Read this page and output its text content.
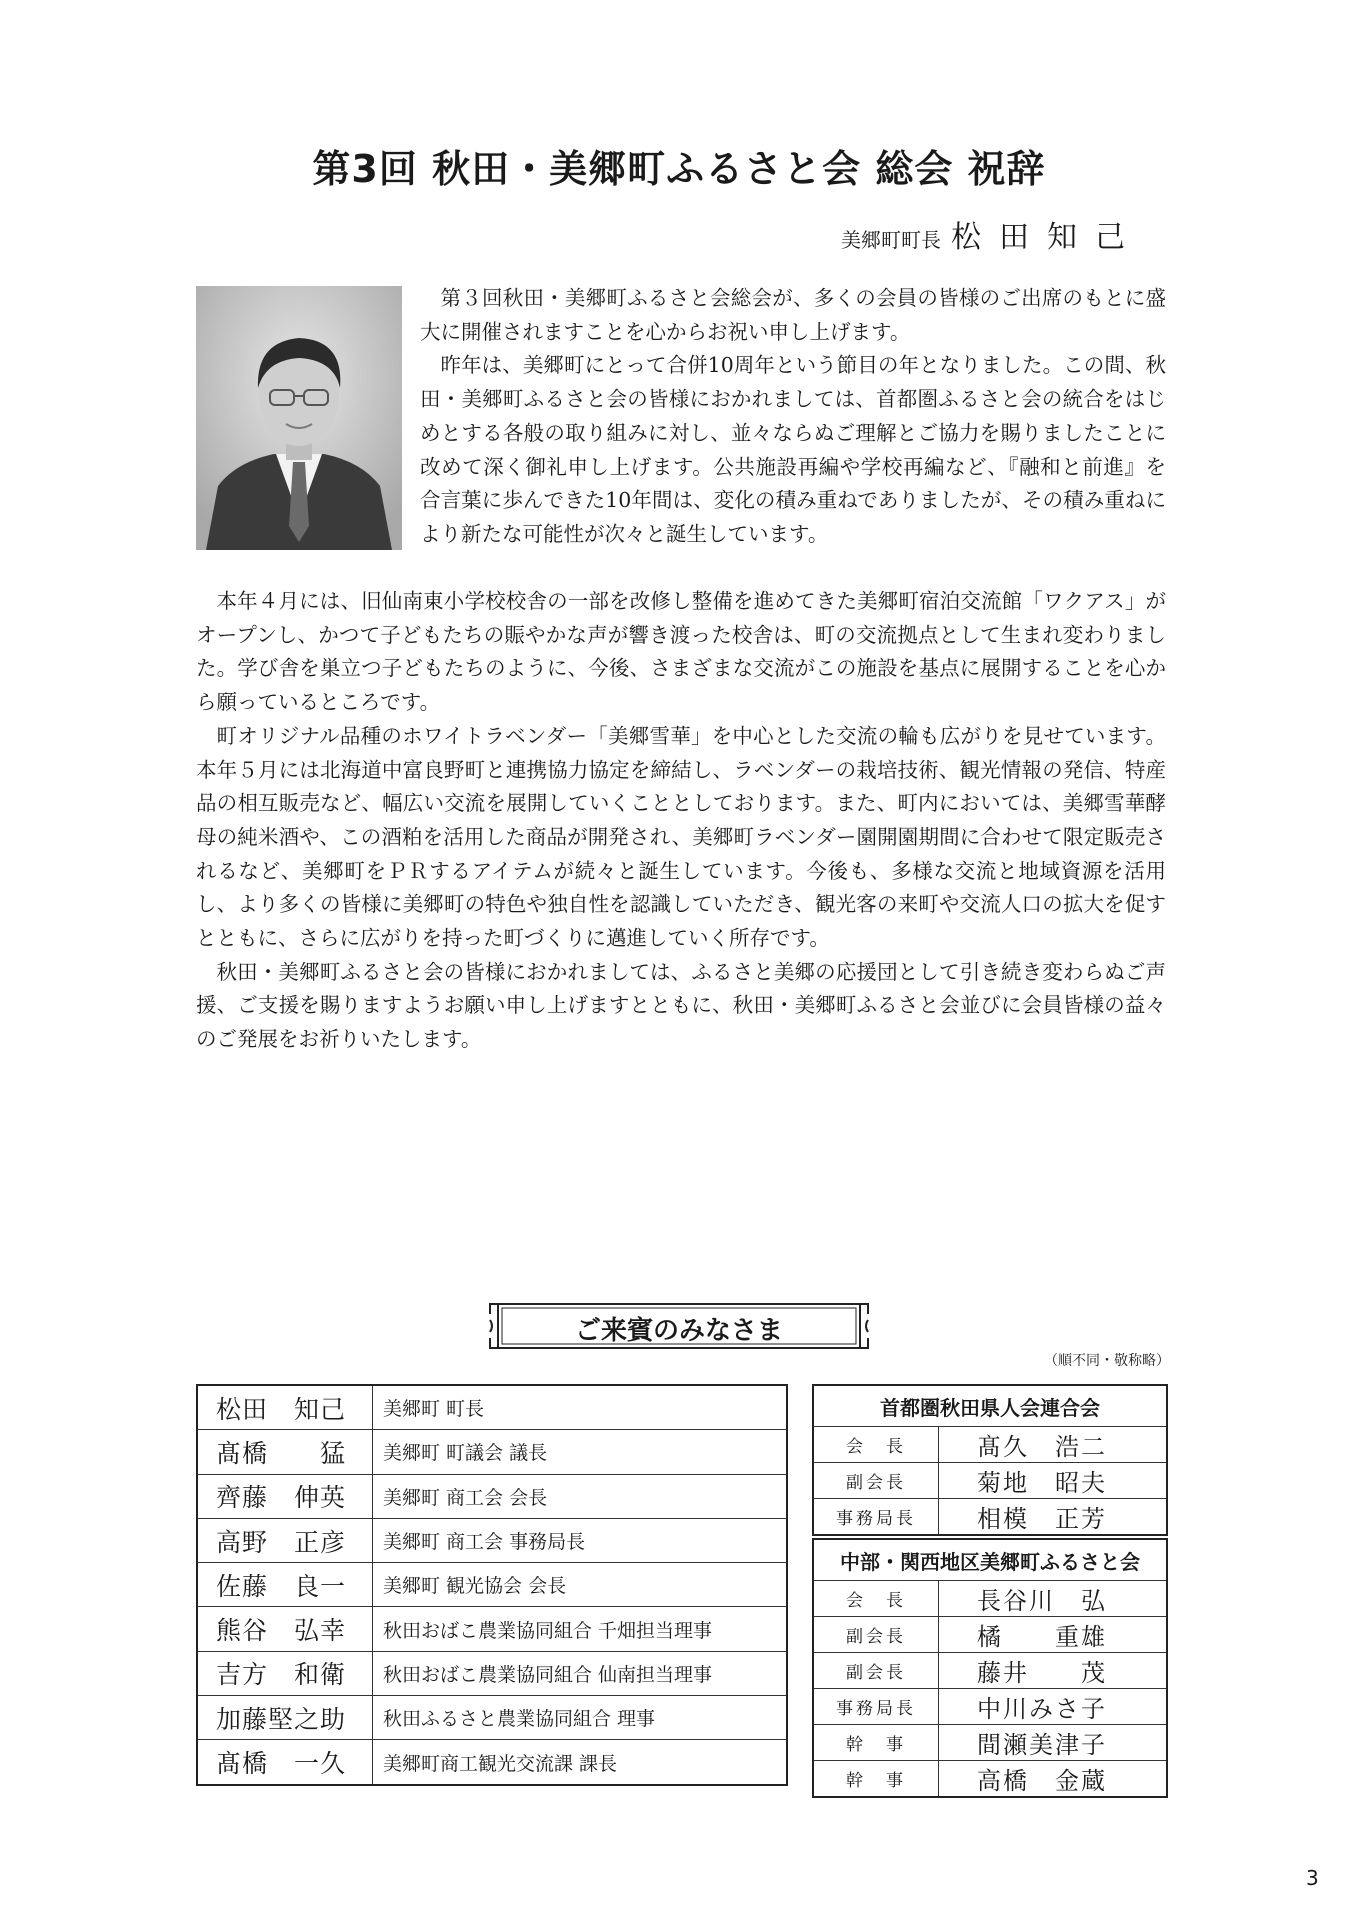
第3回 秋田・美郷町ふるさと会 総会 祝辞
美郷町町長 松田知己

第３回秋田・美郷町ふるさと会総会が、多くの会員の皆様のご出席のもとに盛大に開催されますことを心からお祝い申し上げます。

昨年は、美郷町にとって合併10周年という節目の年となりました。この間、秋田・美郷町ふるさと会の皆様におかれましては、首都圏ふるさと会の統合をはじめとする各般の取り組みに対し、並々ならぬご理解とご協力を賜りましたことに改めて深く御礼申し上げます。公共施設再編や学校再編など、『融和と前進』を合言葉に歩んできた10年間は、変化の積み重ねでありましたが、その積み重ねにより新たな可能性が次々と誕生しています。

本年４月には、旧仙南東小学校校舎の一部を改修し整備を進めてきた美郷町宿泊交流館「ワクアス」がオープンし、かつて子どもたちの賑やかな声が響き渡った校舎は、町の交流拠点として生まれ変わりました。学び舎を巣立つ子どもたちのように、今後、さまざまな交流がこの施設を基点に展開することを心から願っているところです。

町オリジナル品種のホワイトラベンダー「美郷雪華」を中心とした交流の輪も広がりを見せています。本年５月には北海道中富良野町と連携協力協定を締結し、ラベンダーの栽培技術、観光情報の発信、特産品の相互販売など、幅広い交流を展開していくこととしております。また、町内においては、美郷雪華酵母の純米酒や、この酒粕を活用した商品が開発され、美郷町ラベンダー園開園期間に合わせて限定販売されるなど、美郷町をＰＲするアイテムが続々と誕生しています。今後も、多様な交流と地域資源を活用し、より多くの皆様に美郷町の特色や独自性を認識していただき、観光客の来町や交流人口の拡大を促すとともに、さらに広がりを持った町づくりに邁進していく所存です。

秋田・美郷町ふるさと会の皆様におかれましては、ふるさと美郷の応援団として引き続き変わらぬご声援、ご支援を賜りますようお願い申し上げますとともに、秋田・美郷町ふるさと会並びに会員皆様の益々のご発展をお祈りいたします。

ご来賓のみなさま
（順不同・敬称略）
松田　知己	美郷町 町長
髙橋　　猛	美郷町 町議会 議長
齊藤　伸英	美郷町 商工会 会長
高野　正彦	美郷町 商工会 事務局長
佐藤　良一	美郷町 観光協会 会長
熊谷　弘幸	秋田おばこ農業協同組合 千畑担当理事
吉方　和衛	秋田おばこ農業協同組合 仙南担当理事
加藤堅之助	秋田ふるさと農業協同組合 理事
髙橋　一久	美郷町商工観光交流課 課長
首都圏秋田県人会連合会	
会　長	髙久　浩二
副会長	菊地　昭夫
事務局長	相模　正芳
中部・関西地区美郷町ふるさと会	
会　長	長谷川　弘
副会長	橘　　重雄
副会長	藤井　　茂
事務局長	中川みさ子
幹　事	間瀬美津子
幹　事	高橋　金蔵
3
